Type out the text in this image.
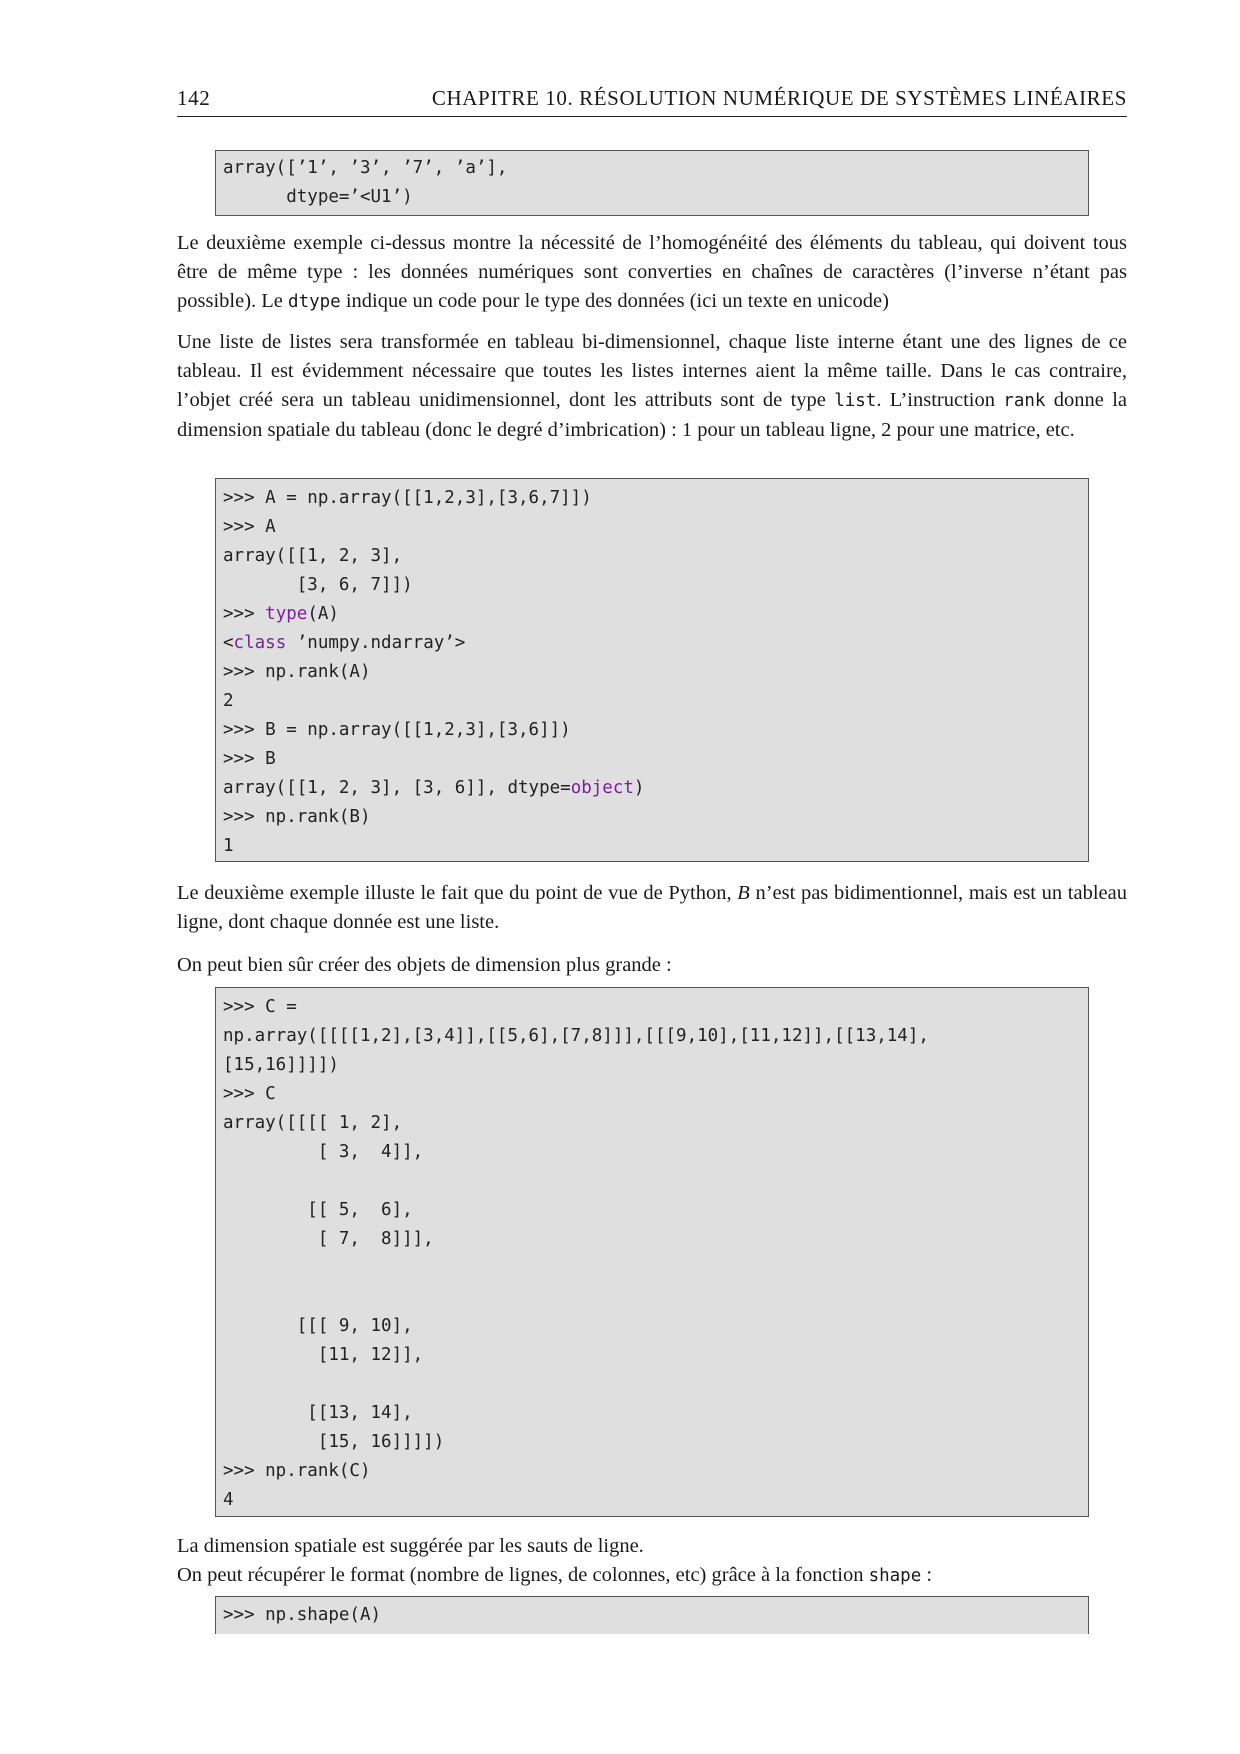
142	CHAPITRE 10. RÉSOLUTION NUMÉRIQUE DE SYSTÈMES LINÉAIRES
array([’1’, ’3’, ’7’, ’a’],
dtype=’<U1’)
Le deuxième exemple ci-dessus montre la nécessité de l’homogénéité des éléments du tableau, qui doivent tous être de même type : les données numériques sont converties en chaînes de caractères (l’inverse n’étant pas possible). Le dtype indique un code pour le type des données (ici un texte en unicode)
Une liste de listes sera transformée en tableau bi-dimensionnel, chaque liste interne étant une des lignes de ce tableau. Il est évidemment nécessaire que toutes les listes internes aient la même taille. Dans le cas contraire, l’objet créé sera un tableau unidimensionnel, dont les attributs sont de type list. L’instruction rank donne la dimension spatiale du tableau (donc le degré d’imbrication) : 1 pour un tableau ligne, 2 pour une matrice, etc.
>>> A = np.array([[1,2,3],[3,6,7]])
>>> A
array([[1, 2, 3],
[3, 6, 7]])
>>> type(A)
<class ’numpy.ndarray’>
>>> np.rank(A)
2
>>> B = np.array([[1,2,3],[3,6]])
>>> B
array([[1, 2, 3], [3, 6]], dtype=object)
>>> np.rank(B)
1
Le deuxième exemple illuste le fait que du point de vue de Python, B n’est pas bidimentionnel, mais est un tableau ligne, dont chaque donnée est une liste.
On peut bien sûr créer des objets de dimension plus grande :
>>> C =
np.array([[[[1,2],[3,4]],[[5,6],[7,8]]],[[[9,10],[11,12]],[[13,14],
[15,16]]]])
>>> C
array([[[[ 1, 2],
[ 3,  4]],
[[ 5,  6],
[ 7,  8]]],
[[[ 9, 10],
[11, 12]],
[[13, 14],
[15, 16]]]])
>>> np.rank(C)
4
La dimension spatiale est suggérée par les sauts de ligne.
On peut récupérer le format (nombre de lignes, de colonnes, etc) grâce à la fonction shape :
>>> np.shape(A)
